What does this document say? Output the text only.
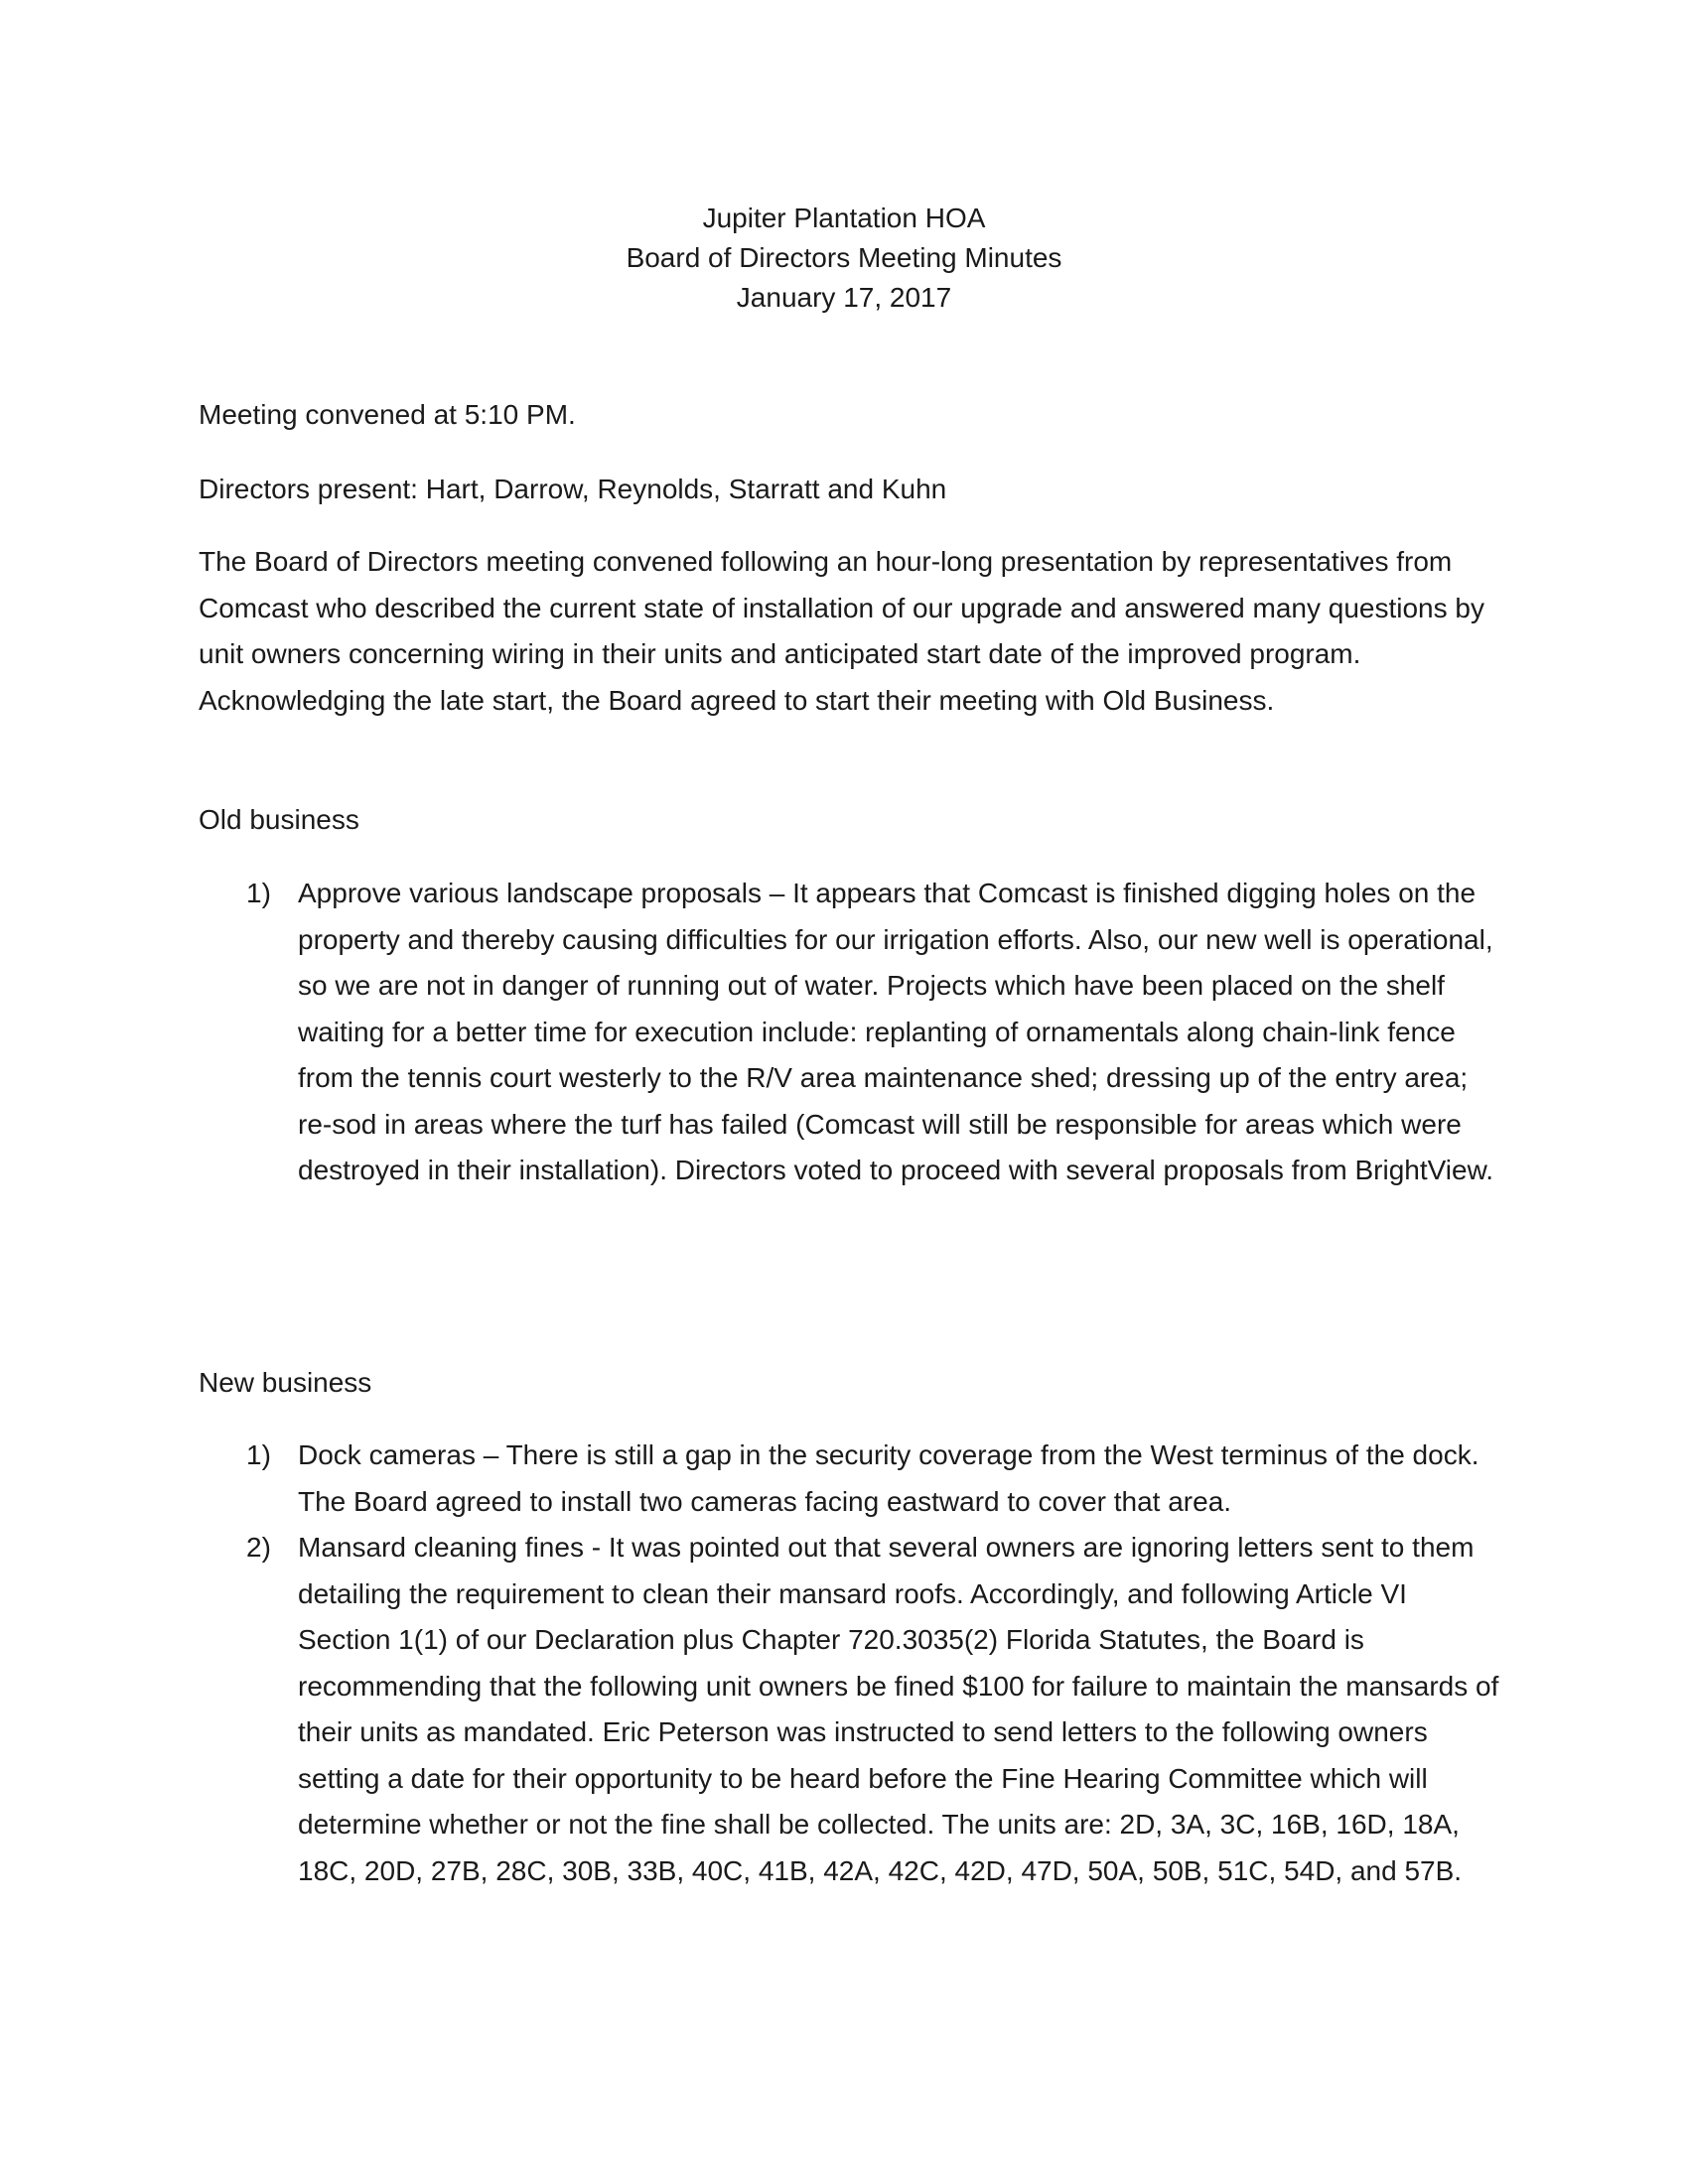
Jupiter Plantation HOA
Board of Directors Meeting Minutes
January 17, 2017

Meeting convened at 5:10 PM.

Directors present: Hart, Darrow, Reynolds, Starratt and Kuhn

The Board of Directors meeting convened following an hour-long presentation by representatives from Comcast who described the current state of installation of our upgrade and answered many questions by unit owners concerning wiring in their units and anticipated start date of the improved program. Acknowledging the late start, the Board agreed to start their meeting with Old Business.

Old business

1) Approve various landscape proposals – It appears that Comcast is finished digging holes on the property and thereby causing difficulties for our irrigation efforts. Also, our new well is operational, so we are not in danger of running out of water. Projects which have been placed on the shelf waiting for a better time for execution include: replanting of ornamentals along chain-link fence from the tennis court westerly to the R/V area maintenance shed; dressing up of the entry area; re-sod in areas where the turf has failed (Comcast will still be responsible for areas which were destroyed in their installation). Directors voted to proceed with several proposals from BrightView.

New business

1) Dock cameras – There is still a gap in the security coverage from the West terminus of the dock. The Board agreed to install two cameras facing eastward to cover that area.
2) Mansard cleaning fines - It was pointed out that several owners are ignoring letters sent to them detailing the requirement to clean their mansard roofs. Accordingly, and following Article VI Section 1(1) of our Declaration plus Chapter 720.3035(2) Florida Statutes, the Board is recommending that the following unit owners be fined $100 for failure to maintain the mansards of their units as mandated. Eric Peterson was instructed to send letters to the following owners setting a date for their opportunity to be heard before the Fine Hearing Committee which will determine whether or not the fine shall be collected. The units are: 2D, 3A, 3C, 16B, 16D, 18A, 18C, 20D, 27B, 28C, 30B, 33B, 40C, 41B, 42A, 42C, 42D, 47D, 50A, 50B, 51C, 54D, and 57B.
